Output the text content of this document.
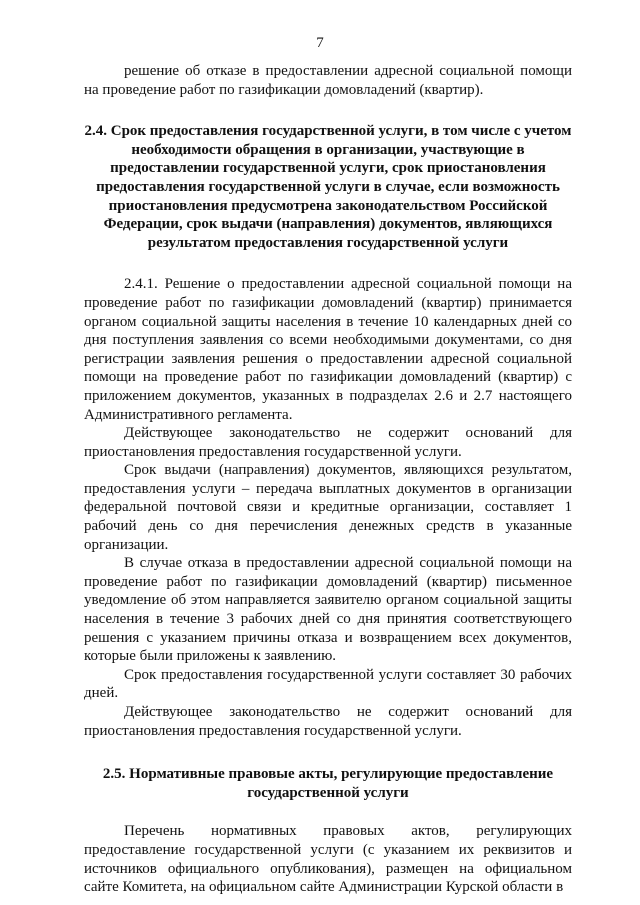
7

решение об отказе в предоставлении адресной социальной помощи на проведение работ по газификации домовладений (квартир).

2.4. Срок предоставления государственной услуги, в том числе с учетом необходимости обращения в организации, участвующие в предоставлении государственной услуги, срок приостановления предоставления государственной услуги в случае, если возможность приостановления предусмотрена законодательством Российской Федерации, срок выдачи (направления) документов, являющихся результатом предоставления государственной услуги

2.4.1. Решение о предоставлении адресной социальной помощи на проведение работ по газификации домовладений (квартир) принимается органом социальной защиты населения в течение 10 календарных дней со дня поступления заявления со всеми необходимыми документами, со дня регистрации заявления решения о предоставлении адресной социальной помощи на проведение работ по газификации домовладений (квартир) с приложением документов, указанных в подразделах 2.6 и 2.7 настоящего Административного регламента.

Действующее законодательство не содержит оснований для приостановления предоставления государственной услуги.

Срок выдачи (направления) документов, являющихся результатом, предоставления услуги – передача выплатных документов в организации федеральной почтовой связи и кредитные организации, составляет 1 рабочий день со дня перечисления денежных средств в указанные организации.

В случае отказа в предоставлении адресной социальной помощи на проведение работ по газификации домовладений (квартир) письменное уведомление об этом направляется заявителю органом социальной защиты населения в течение 3 рабочих дней со дня принятия соответствующего решения с указанием причины отказа и возвращением всех документов, которые были приложены к заявлению.

Срок предоставления государственной услуги составляет 30 рабочих дней.

Действующее законодательство не содержит оснований для приостановления предоставления государственной услуги.

2.5. Нормативные правовые акты, регулирующие предоставление государственной услуги

Перечень нормативных правовых актов, регулирующих предоставление государственной услуги (с указанием их реквизитов и источников официального опубликования), размещен на официальном сайте Комитета, на официальном сайте Администрации Курской области в
